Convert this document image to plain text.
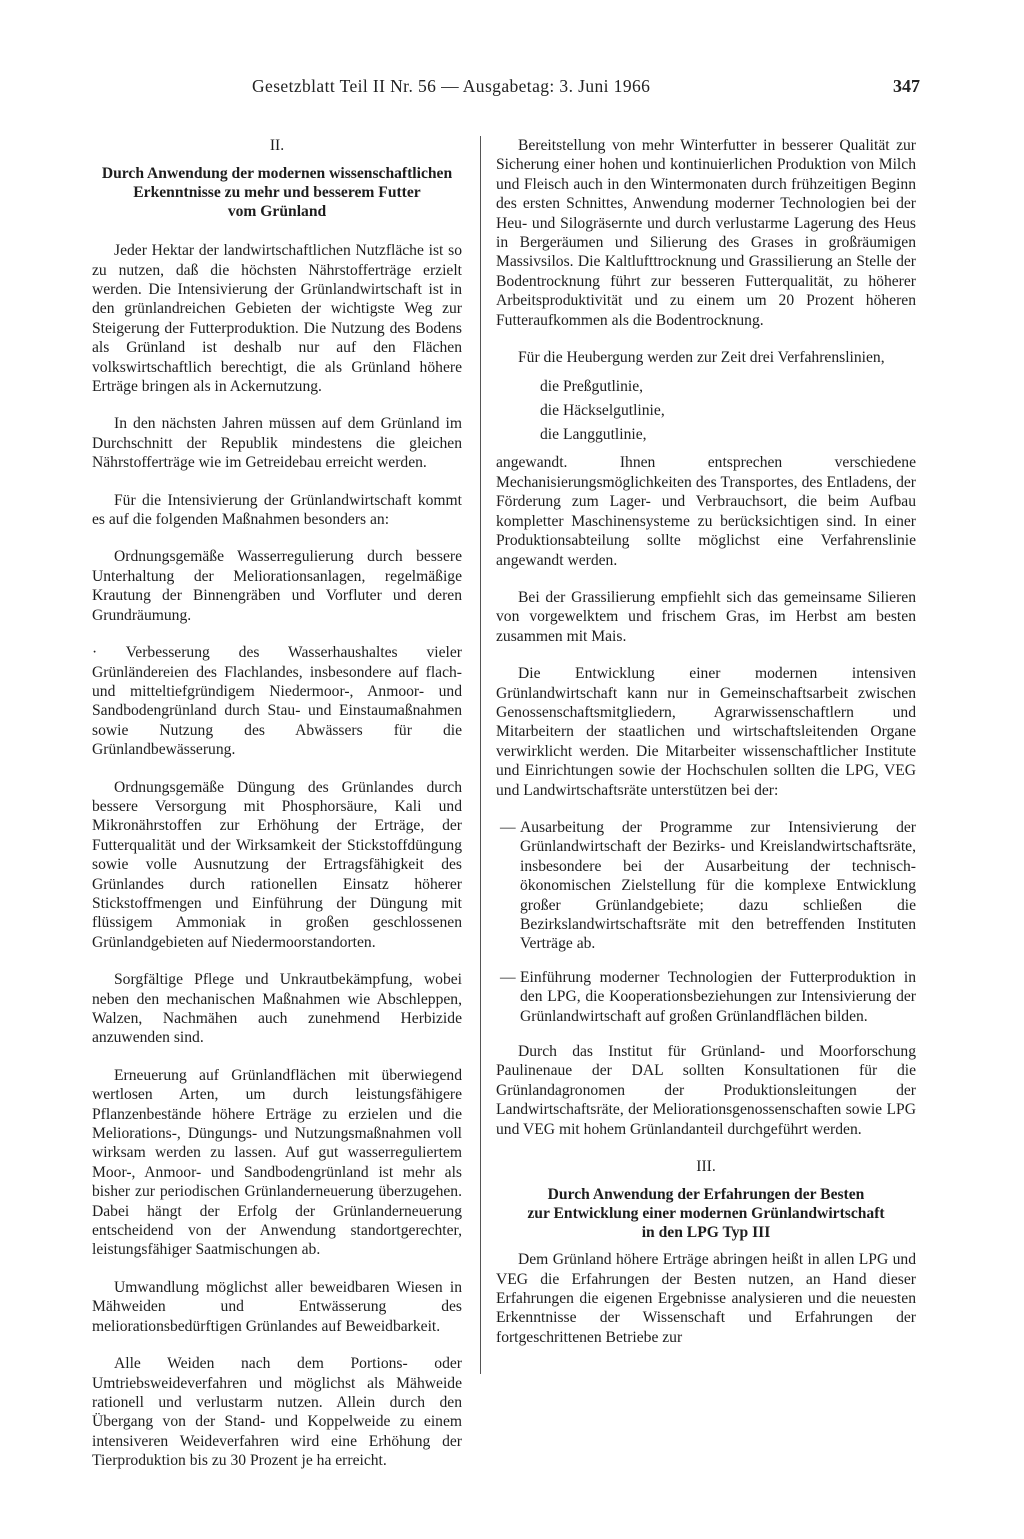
Gesetzblatt Teil II Nr. 56 — Ausgabetag: 3. Juni 1966	347
II.
Durch Anwendung der modernen wissenschaftlichen
Erkenntnisse zu mehr und besserem Futter
vom Grünland

Jeder Hektar der landwirtschaftlichen Nutzfläche ist so zu nutzen, daß die höchsten Nährstofferträge erzielt werden. Die Intensivierung der Grünlandwirtschaft ist in den grünlandreichen Gebieten der wichtigste Weg zur Steigerung der Futterproduktion. Die Nutzung des Bodens als Grünland ist deshalb nur auf den Flächen volkswirtschaftlich berechtigt, die als Grünland höhere Erträge bringen als in Ackernutzung.

In den nächsten Jahren müssen auf dem Grünland im Durchschnitt der Republik mindestens die gleichen Nährstofferträge wie im Getreidebau erreicht werden.

Für die Intensivierung der Grünlandwirtschaft kommt es auf die folgenden Maßnahmen besonders an:

Ordnungsgemäße Wasserregulierung durch bessere Unterhaltung der Meliorationsanlagen, regelmäßige Krautung der Binnengräben und Vorfluter und deren Grundräumung.

· Verbesserung des Wasserhaushaltes vieler Grünländereien des Flachlandes, insbesondere auf flach- und mitteltiefgründigem Niedermoor-, Anmoor- und Sandbodengrünland durch Stau- und Einstaumaßnahmen sowie Nutzung des Abwässers für die Grünlandbewässerung.

Ordnungsgemäße Düngung des Grünlandes durch bessere Versorgung mit Phosphorsäure, Kali und Mikronährstoffen zur Erhöhung der Erträge, der Futterqualität und der Wirksamkeit der Stickstoffdüngung sowie volle Ausnutzung der Ertragsfähigkeit des Grünlandes durch rationellen Einsatz höherer Stickstoffmengen und Einführung der Düngung mit flüssigem Ammoniak in großen geschlossenen Grünlandgebieten auf Niedermoorstandorten.

Sorgfältige Pflege und Unkrautbekämpfung, wobei neben den mechanischen Maßnahmen wie Abschleppen, Walzen, Nachmähen auch zunehmend Herbizide anzuwenden sind.

Erneuerung auf Grünlandflächen mit überwiegend wertlosen Arten, um durch leistungsfähigere Pflanzenbestände höhere Erträge zu erzielen und die Meliorations-, Düngungs- und Nutzungsmaßnahmen voll wirksam werden zu lassen. Auf gut wasserreguliertem Moor-, Anmoor- und Sandbodengrünland ist mehr als bisher zur periodischen Grünlanderneuerung überzugehen. Dabei hängt der Erfolg der Grünlanderneuerung entscheidend von der Anwendung standortgerechter, leistungsfähiger Saatmischungen ab.

Umwandlung möglichst aller beweidbaren Wiesen in Mähweiden und Entwässerung des meliorationsbedürftigen Grünlandes auf Beweidbarkeit.

Alle Weiden nach dem Portions- oder Umtriebsweideverfahren und möglichst als Mähweide rationell und verlustarm nutzen. Allein durch den Übergang von der Stand- und Koppelweide zu einem intensiveren Weideverfahren wird eine Erhöhung der Tierproduktion bis zu 30 Prozent je ha erreicht.

Bereitstellung von mehr Winterfutter in besserer Qualität zur Sicherung einer hohen und kontinuierlichen Produktion von Milch und Fleisch auch in den Wintermonaten durch frühzeitigen Beginn des ersten Schnittes, Anwendung moderner Technologien bei der Heu- und Silogräsernte und durch verlustarme Lagerung des Heus in Bergeräumen und Silierung des Grases in großräumigen Massivsilos. Die Kaltlufttrocknung und Grassilierung an Stelle der Bodentrocknung führt zur besseren Futterqualität, zu höherer Arbeitsproduktivität und zu einem um 20 Prozent höheren Futteraufkommen als die Bodentrocknung.

Für die Heubergung werden zur Zeit drei Verfahrenslinien,

die Preßgutlinie,
die Häckselgutlinie,
die Langgutlinie,

angewandt. Ihnen entsprechen verschiedene Mechanisierungsmöglichkeiten des Transportes, des Entladens, der Förderung zum Lager- und Verbrauchsort, die beim Aufbau kompletter Maschinensysteme zu berücksichtigen sind. In einer Produktionsabteilung sollte möglichst eine Verfahrenslinie angewandt werden.

Bei der Grassilierung empfiehlt sich das gemeinsame Silieren von vorgewelktem und frischem Gras, im Herbst am besten zusammen mit Mais.

Die Entwicklung einer modernen intensiven Grünlandwirtschaft kann nur in Gemeinschaftsarbeit zwischen Genossenschaftsmitgliedern, Agrarwissenschaftlern und Mitarbeitern der staatlichen und wirtschaftsleitenden Organe verwirklicht werden. Die Mitarbeiter wissenschaftlicher Institute und Einrichtungen sowie der Hochschulen sollten die LPG, VEG und Landwirtschaftsräte unterstützen bei der:

— Ausarbeitung der Programme zur Intensivierung der Grünlandwirtschaft der Bezirks- und Kreislandwirtschaftsräte, insbesondere bei der Ausarbeitung der technisch-ökonomischen Zielstellung für die komplexe Entwicklung großer Grünlandgebiete; dazu schließen die Bezirkslandwirtschaftsräte mit den betreffenden Instituten Verträge ab.
— Einführung moderner Technologien der Futterproduktion in den LPG, die Kooperationsbeziehungen zur Intensivierung der Grünlandwirtschaft auf großen Grünlandflächen bilden.

Durch das Institut für Grünland- und Moorforschung Paulinenaue der DAL sollten Konsultationen für die Grünlandagronomen der Produktionsleitungen der Landwirtschaftsräte, der Meliorationsgenossenschaften sowie LPG und VEG mit hohem Grünlandanteil durchgeführt werden.

III.
Durch Anwendung der Erfahrungen der Besten
zur Entwicklung einer modernen Grünlandwirtschaft
in den LPG Typ III

Dem Grünland höhere Erträge abringen heißt in allen LPG und VEG die Erfahrungen der Besten nutzen, an Hand dieser Erfahrungen die eigenen Ergebnisse analysieren und die neuesten Erkenntnisse der Wissenschaft und Erfahrungen der fortgeschrittenen Betriebe zur
